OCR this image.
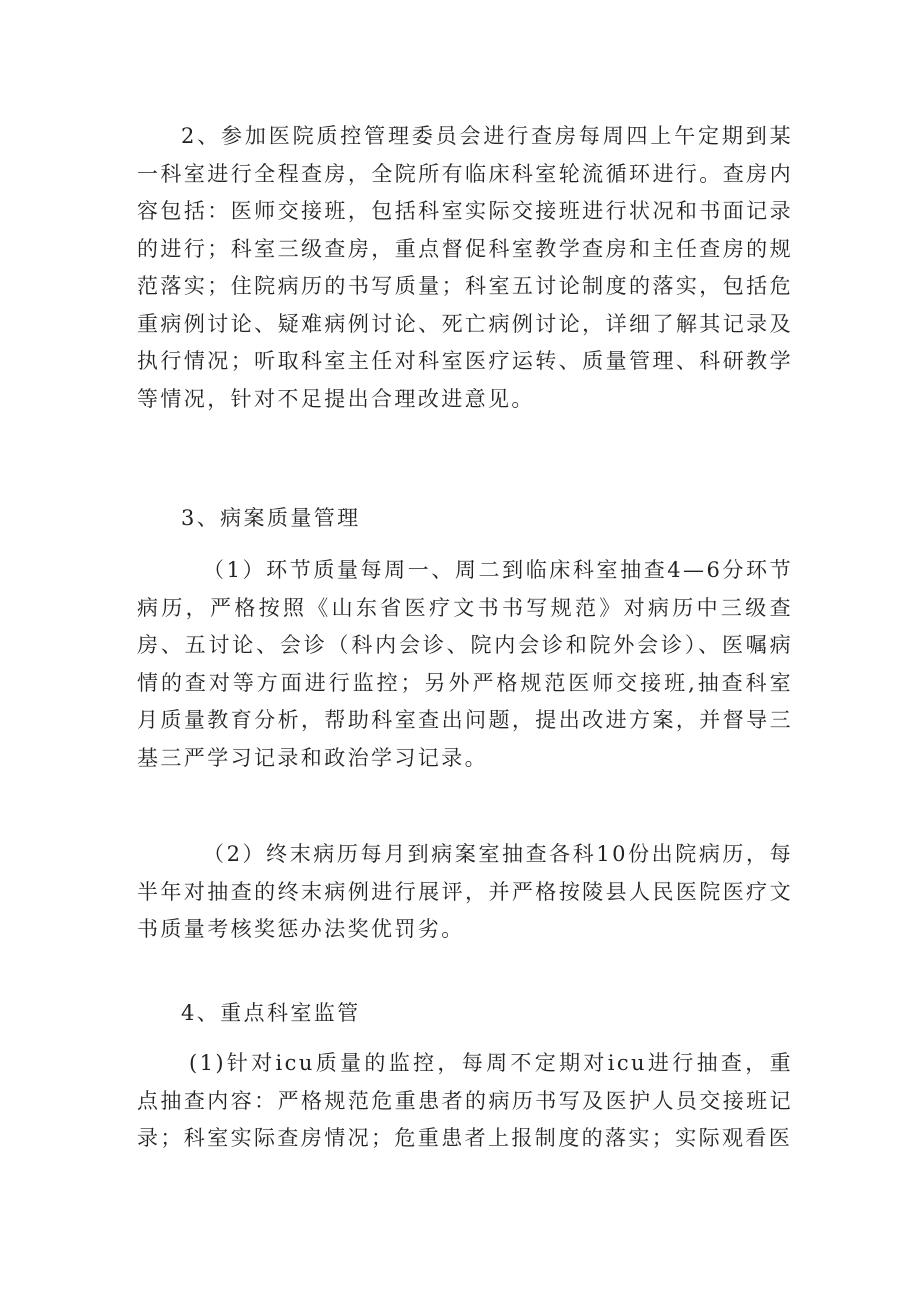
2、参加医院质控管理委员会进行查房每周四上午定期到某一科室进行全程查房，全院所有临床科室轮流循环进行。查房内容包括：医师交接班，包括科室实际交接班进行状况和书面记录的进行；科室三级查房，重点督促科室教学查房和主任查房的规范落实；住院病历的书写质量；科室五讨论制度的落实，包括危重病例讨论、疑难病例讨论、死亡病例讨论，详细了解其记录及执行情况；听取科室主任对科室医疗运转、质量管理、科研教学等情况，针对不足提出合理改进意见。

3、病案质量管理

（1）环节质量每周一、周二到临床科室抽查4—6分环节病历，严格按照《山东省医疗文书书写规范》对病历中三级查房、五讨论、会诊（科内会诊、院内会诊和院外会诊）、医嘱病情的查对等方面进行监控；另外严格规范医师交接班,抽查科室月质量教育分析，帮助科室查出问题，提出改进方案，并督导三基三严学习记录和政治学习记录。

（2）终末病历每月到病案室抽查各科10份出院病历，每半年对抽查的终末病例进行展评，并严格按陵县人民医院医疗文书质量考核奖惩办法奖优罚劣。

4、重点科室监管

(1)针对icu质量的监控，每周不定期对icu进行抽查，重点抽查内容：严格规范危重患者的病历书写及医护人员交接班记录；科室实际查房情况；危重患者上报制度的落实；实际观看医
